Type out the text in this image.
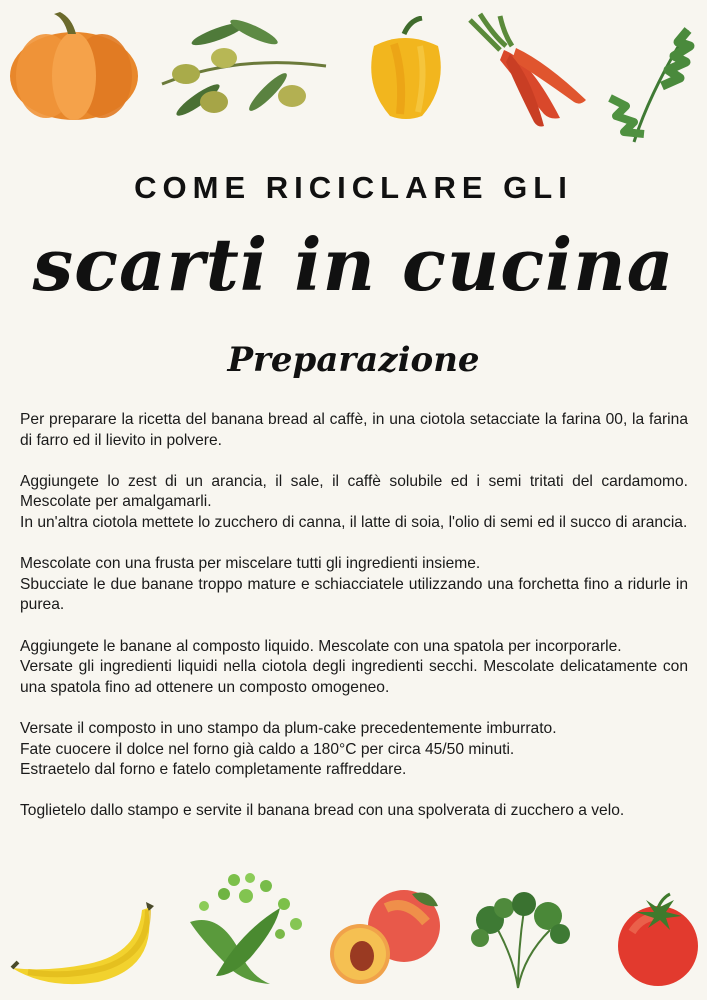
COME RICICLARE GLI
scarti in cucina
Preparazione

Per preparare la ricetta del banana bread al caffè, in una ciotola setacciate la farina 00, la farina di farro ed il lievito in polvere.

Aggiungete lo zest di un arancia, il sale, il caffè solubile ed i semi tritati del cardamomo. Mescolate per amalgamarli.
In un'altra ciotola mettete lo zucchero di canna, il latte di soia, l'olio di semi ed il succo di arancia.

Mescolate con una frusta per miscelare tutti gli ingredienti insieme.
Sbucciate le due banane troppo mature e schiacciatele utilizzando una forchetta fino a ridurle in purea.

Aggiungete le banane al composto liquido. Mescolate con una spatola per incorporarle.
Versate gli ingredienti liquidi nella ciotola degli ingredienti secchi. Mescolate delicatamente con una spatola fino ad ottenere un composto omogeneo.

Versate il composto in uno stampo da plum-cake precedentemente imburrato.
Fate cuocere il dolce nel forno già caldo a 180°C per circa 45/50 minuti.
Estraetelo dal forno e fatelo completamente raffreddare.

Toglietelo dallo stampo e servite il banana bread con una spolverata di zucchero a velo.
